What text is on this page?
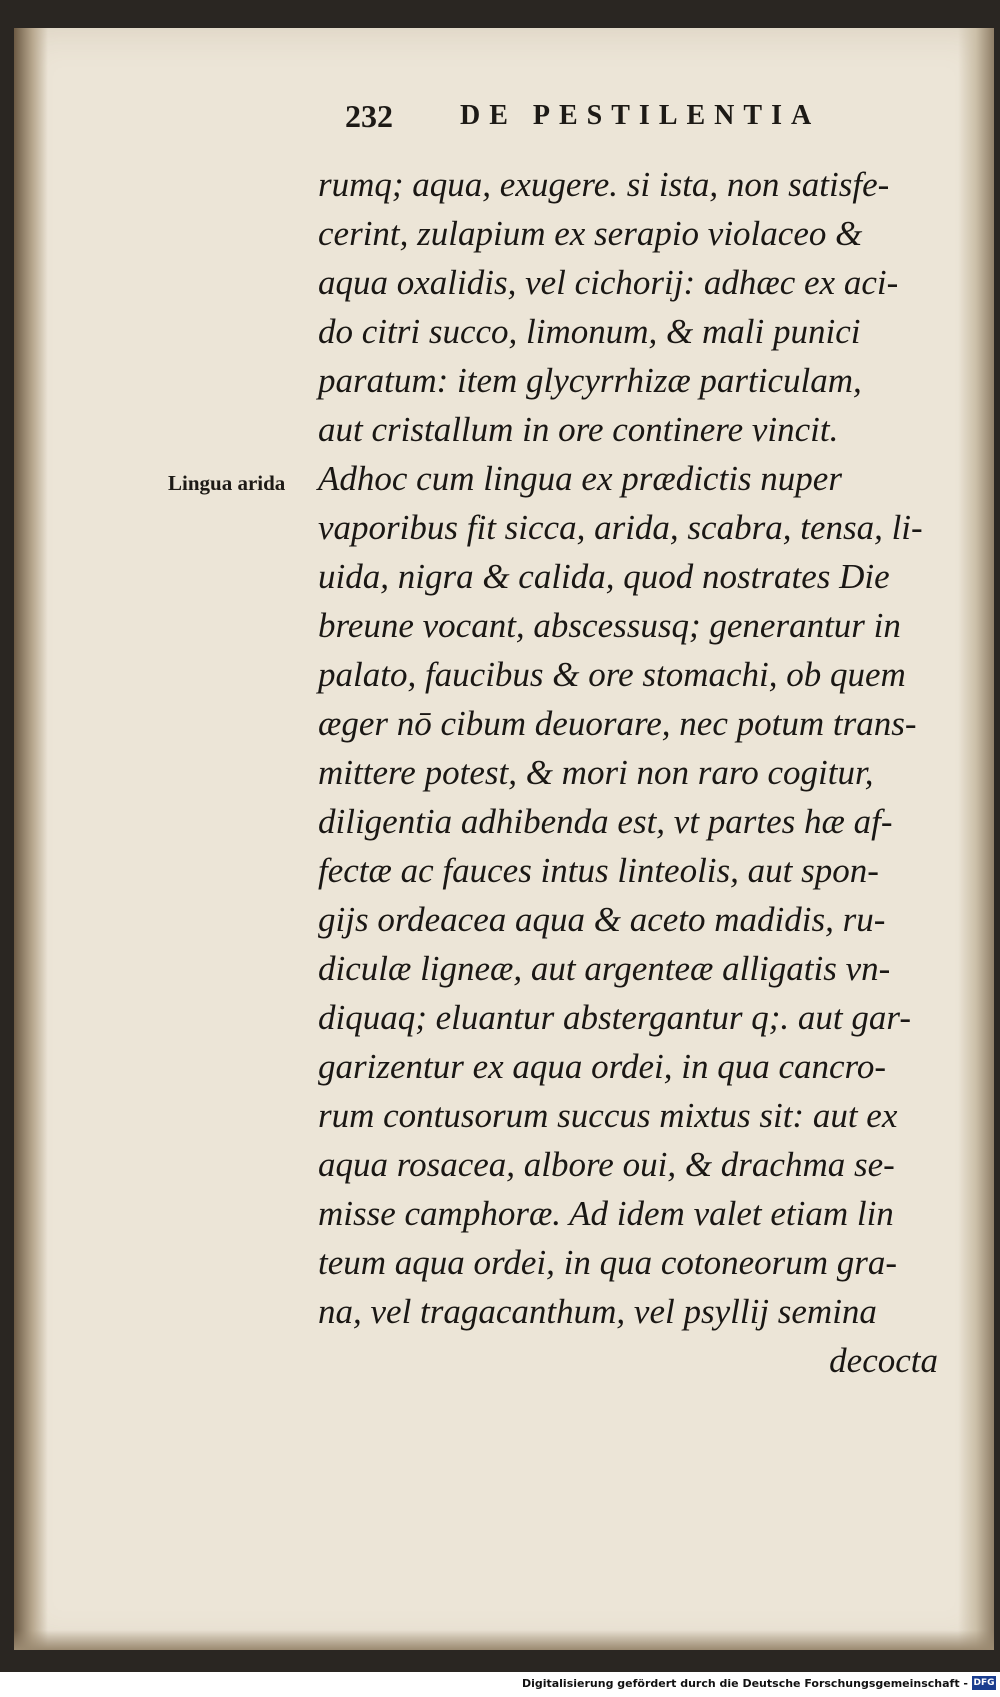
232 DE PESTILENTIA
Lingua arida
rumq; aqua, exugere. si ista, non satisfe-
cerint, zulapium ex serapio violaceo &
aqua oxalidis, vel cichorij: adhæc ex aci-
do citri succo, limonum, & mali punici
paratum: item glycyrrhizæ particulam,
aut cristallum in ore continere vincit.
Adhoc cum lingua ex prædictis nuper
vaporibus fit sicca, arida, scabra, tensa, li-
uida, nigra & calida, quod nostrates Die
breune vocant, abscessusq; generantur in
palato, faucibus & ore stomachi, ob quem
æger nō cibum deuorare, nec potum trans-
mittere potest, & mori non raro cogitur,
diligentia adhibenda est, vt partes hæ af-
fectæ ac fauces intus linteolis, aut spon-
gijs ordeacea aqua & aceto madidis, ru-
diculæ ligneæ, aut argenteæ alligatis vn-
diquaq; eluantur abstergantur q;. aut gar-
garizentur ex aqua ordei, in qua cancro-
rum contusorum succus mixtus sit: aut ex
aqua rosacea, albore oui, & drachma se-
misse camphoræ. Ad idem valet etiam lin
teum aqua ordei, in qua cotoneorum gra-
na, vel tragacanthum, vel psyllij semina
decocta
Digitalisierung gefördert durch die Deutsche Forschungsgemeinschaft - DFG
